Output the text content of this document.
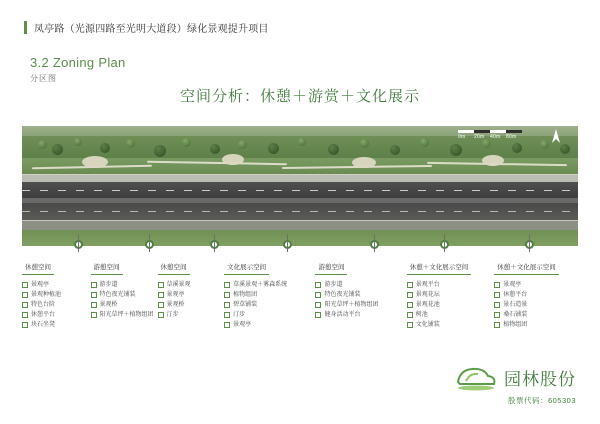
凤亭路（光源四路至光明大道段）绿化景观提升项目
3.2 Zoning Plan
分区图
空间分析：休憩＋游赏＋文化展示
0m	20m	40m	80m
休憩空间
景观亭
景观种植池
特色台阶
休憩平台
块石坐凳
游憩空间
游步道
特色夜光铺装
景观桥
阳光草坪＋植物组团
休憩空间
草溪景观
景观亭
景观桥
汀步
文化展示空间
草溪景观＋雾森系统
植物组团
碧草铺装
汀步
景观亭
游憩空间
游步道
特色夜光铺装
阳光草坪＋植物组团
健身活动平台
休憩＋文化展示空间
景观平台
景观花坛
景观花池
树池
文化铺装
休憩＋文化展示空间
景观亭
休憩平台
景石造景
桑石铺装
植物组团
园林股份
股票代码：605303
